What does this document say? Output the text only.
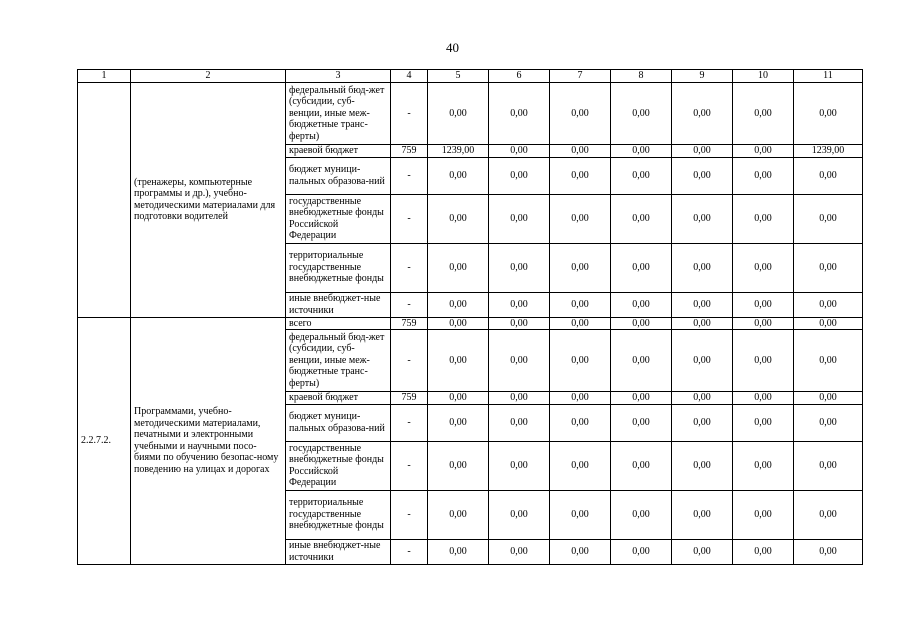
40
1	2	3	4	5	6	7	8	9	10	11
	(тренажеры, компьютерные программы и др.), учебно-методическими материалами для подготовки водителей	федеральный бюд-жет (субсидии, суб-венции, иные меж-бюджетные транс-ферты)	-	0,00	0,00	0,00	0,00	0,00	0,00	0,00
		краевой бюджет	759	1239,00	0,00	0,00	0,00	0,00	0,00	1239,00
		бюджет муници-пальных образова-ний	-	0,00	0,00	0,00	0,00	0,00	0,00	0,00
		государственные внебюджетные фонды Российской Федерации	-	0,00	0,00	0,00	0,00	0,00	0,00	0,00
		территориальные государственные внебюджетные фонды	-	0,00	0,00	0,00	0,00	0,00	0,00	0,00
		иные внебюджет-ные источники	-	0,00	0,00	0,00	0,00	0,00	0,00	0,00
2.2.7.2.	Программами, учебно-методическими материалами, печатными и электронными учебными и научными посо-биями по обучению безопас-ному поведению на улицах и дорогах	всего	759	0,00	0,00	0,00	0,00	0,00	0,00	0,00
		федеральный бюд-жет (субсидии, суб-венции, иные меж-бюджетные транс-ферты)	-	0,00	0,00	0,00	0,00	0,00	0,00	0,00
		краевой бюджет	759	0,00	0,00	0,00	0,00	0,00	0,00	0,00
		бюджет муници-пальных образова-ний	-	0,00	0,00	0,00	0,00	0,00	0,00	0,00
		государственные внебюджетные фонды Российской Федерации	-	0,00	0,00	0,00	0,00	0,00	0,00	0,00
		территориальные государственные внебюджетные фонды	-	0,00	0,00	0,00	0,00	0,00	0,00	0,00
		иные внебюджет-ные источники	-	0,00	0,00	0,00	0,00	0,00	0,00	0,00
